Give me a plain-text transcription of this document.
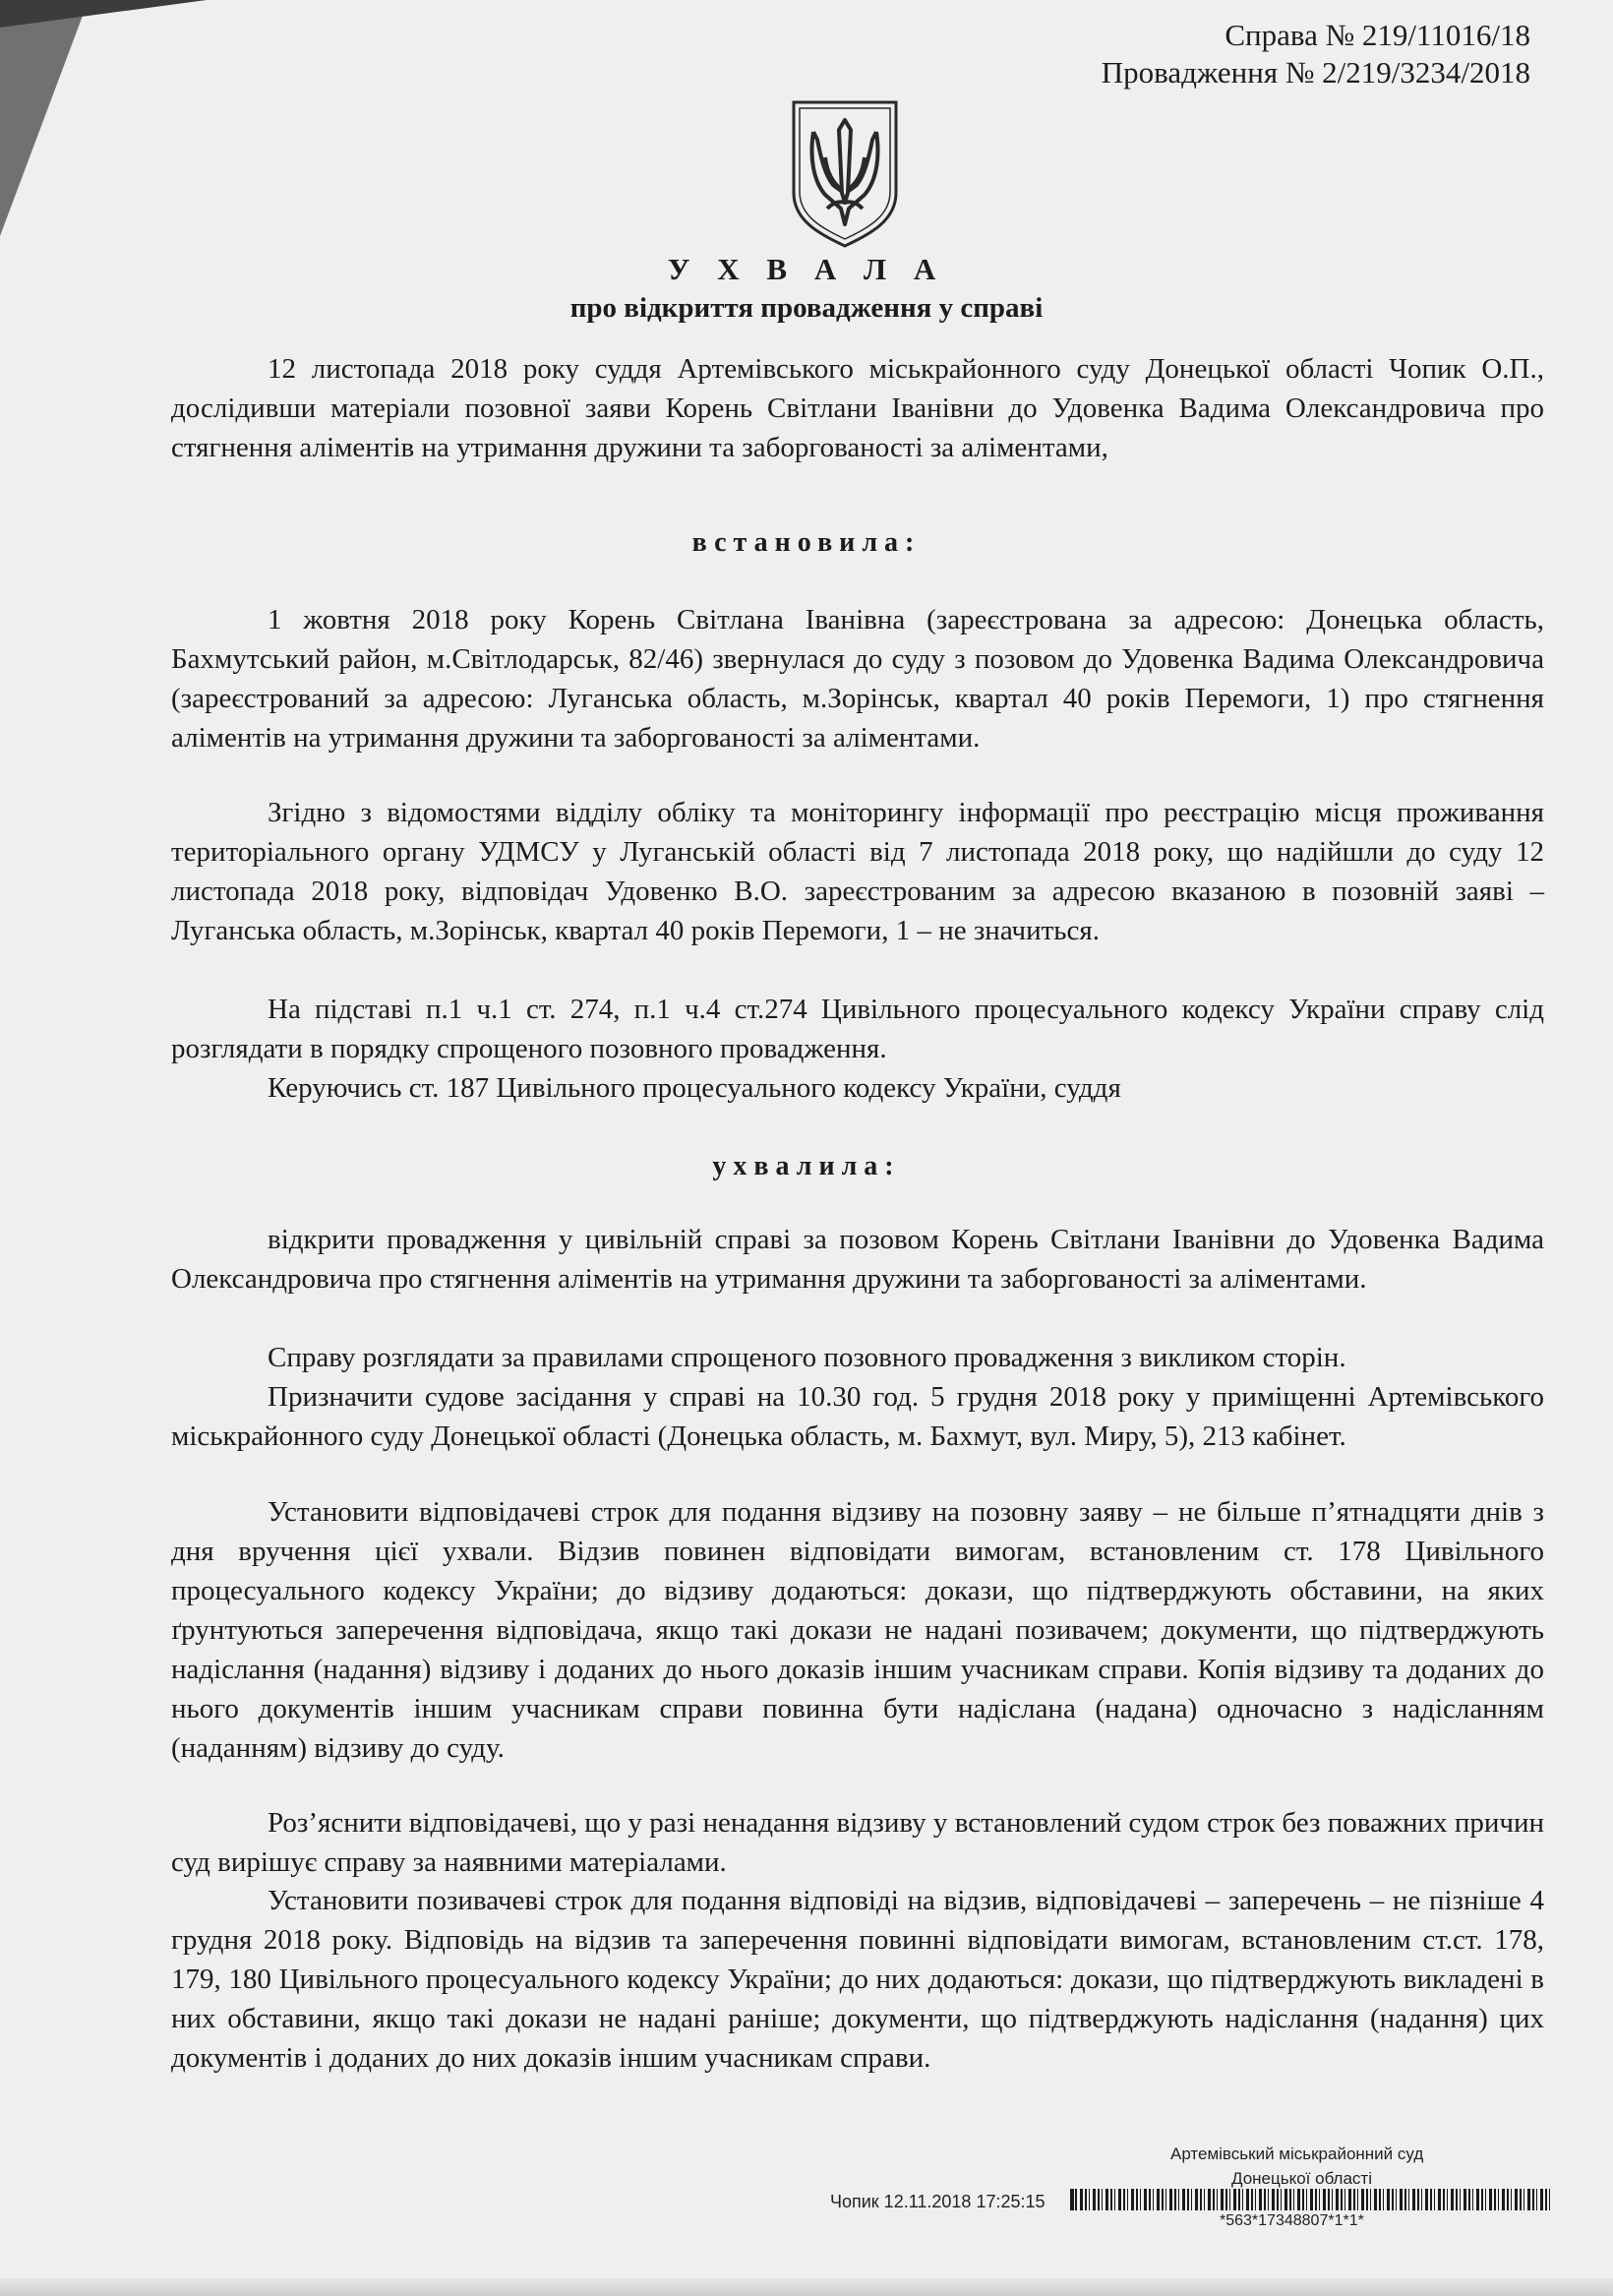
Справа № 219/11016/18
Провадження № 2/219/3234/2018
У Х В А Л А
про відкриття провадження у справі

12 листопада 2018 року суддя Артемівського міськрайонного суду Донецької області Чопик О.П., дослідивши матеріали позовної заяви Корень Світлани Іванівни до Удовенка Вадима Олександровича про стягнення аліментів на утримання дружини та заборгованості за аліментами,

встановила:

1 жовтня 2018 року Корень Світлана Іванівна (зареєстрована за адресою: Донецька область, Бахмутський район, м.Світлодарськ, 82/46) звернулася до суду з позовом до Удовенка Вадима Олександровича (зареєстрований за адресою: Луганська область, м.Зорінськ, квартал 40 років Перемоги, 1) про стягнення аліментів на утримання дружини та заборгованості за аліментами.

Згідно з відомостями відділу обліку та моніторингу інформації про реєстрацію місця проживання територіального органу УДМСУ у Луганській області від 7 листопада 2018 року, що надійшли до суду 12 листопада 2018 року, відповідач Удовенко В.О. зареєстрованим за адресою вказаною в позовній заяві – Луганська область, м.Зорінськ, квартал 40 років Перемоги, 1 – не значиться.

На підставі п.1 ч.1 ст. 274, п.1 ч.4 ст.274 Цивільного процесуального кодексу України справу слід розглядати в порядку спрощеного позовного провадження.

Керуючись ст. 187 Цивільного процесуального кодексу України, суддя

ухвалила:

відкрити провадження у цивільній справі за позовом Корень Світлани Іванівни до Удовенка Вадима Олександровича про стягнення аліментів на утримання дружини та заборгованості за аліментами.

Справу розглядати за правилами спрощеного позовного провадження з викликом сторін.

Призначити судове засідання у справі на 10.30 год. 5 грудня 2018 року у приміщенні Артемівського міськрайонного суду Донецької області (Донецька область, м. Бахмут, вул. Миру, 5), 213 кабінет.

Установити відповідачеві строк для подання відзиву на позовну заяву – не більше п’ятнадцяти днів з дня вручення цієї ухвали. Відзив повинен відповідати вимогам, встановленим ст. 178 Цивільного процесуального кодексу України; до відзиву додаються: докази, що підтверджують обставини, на яких ґрунтуються заперечення відповідача, якщо такі докази не надані позивачем; документи, що підтверджують надіслання (надання) відзиву і доданих до нього доказів іншим учасникам справи. Копія відзиву та доданих до нього документів іншим учасникам справи повинна бути надіслана (надана) одночасно з надісланням (наданням) відзиву до суду.

Роз’яснити відповідачеві, що у разі ненадання відзиву у встановлений судом строк без поважних причин суд вирішує справу за наявними матеріалами.

Установити позивачеві строк для подання відповіді на відзив, відповідачеві – заперечень – не пізніше 4 грудня 2018 року. Відповідь на відзив та заперечення повинні відповідати вимогам, встановленим ст.ст. 178, 179, 180 Цивільного процесуального кодексу України; до них додаються: докази, що підтверджують викладені в них обставини, якщо такі докази не надані раніше; документи, що підтверджують надіслання (надання) цих документів і доданих до них доказів іншим учасникам справи.

Артемівський міськрайонний суд
Донецької області
Чопик 12.11.2018 17:25:15
*563*17348807*1*1*
